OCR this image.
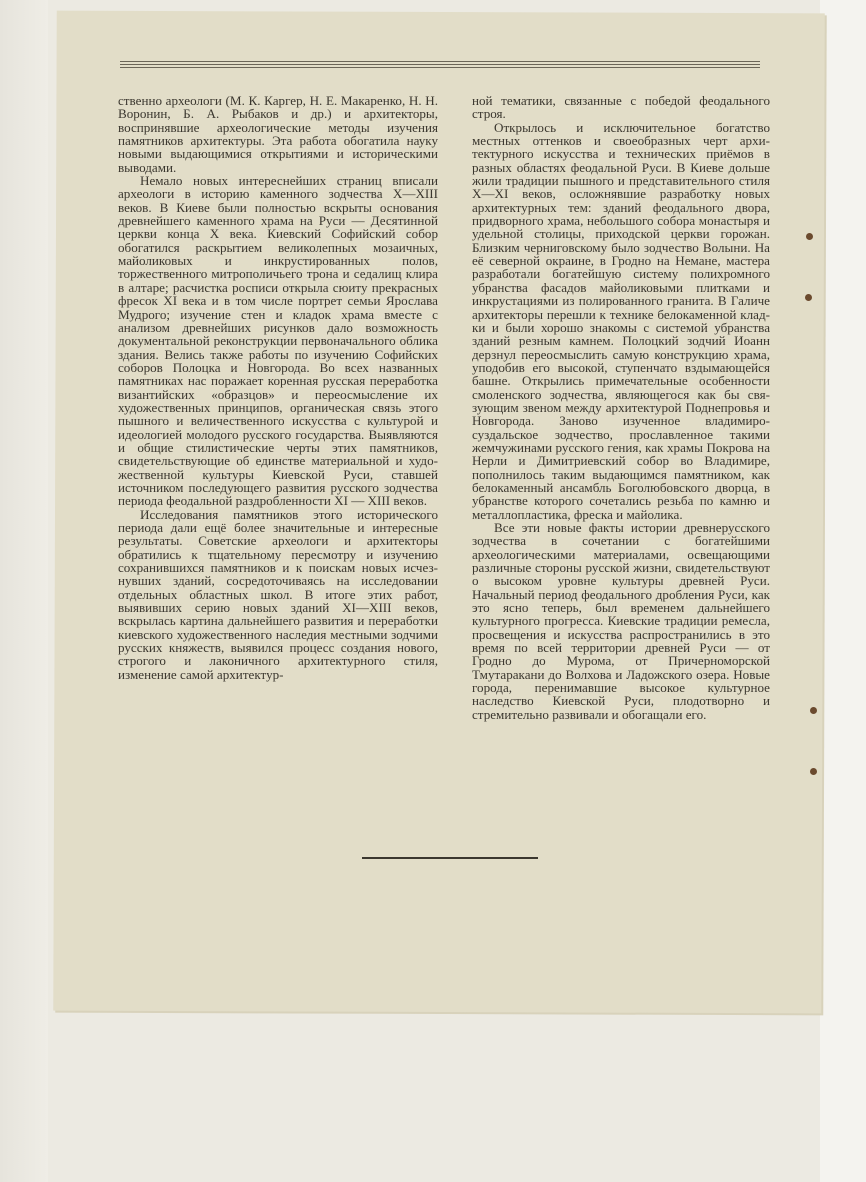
ственно археологи (М. К. Каргер, Н. Е. Макаренко, Н. Н. Воронин, Б. А. Рыбаков и др.) и архитекторы, воспринявшие археологические методы изучения памятников архитектуры. Эта работа обогатила науку новыми выдающимися открытиями и историческими выводами.

Немало новых интереснейших страниц вписали археологи в историю каменного зодчества X—XIII веков. В Киеве были полностью вскрыты основания древнейшего каменного храма на Руси — Десятинной церкви конца X века. Киевский Софийский собор обогатился раскрытием великолепных мозаичных, майоликовых и инкрустированных полов, торжественного митрополичьего трона и седалищ клира в алтаре; расчистка росписи открыла сюиту прекрасных фресок XI века и в том числе портрет семьи Ярослава Мудрого; изучение стен и кладок храма вместе с анализом древнейших рисунков дало возможность документальной реконструкции первоначального облика здания. Велись также работы по изучению Софийских соборов Полоцка и Новгорода. Во всех названных памятниках нас поражает коренная русская переработка византийских «образцов» и переосмысление их художественных принципов, органическая связь этого пышного и величественного искусства с культурой и идеологией молодого русского государства. Выявляются и общие стилистические черты этих памятников, свидетельствующие об единстве материальной и художественной культуры Киевской Руси, ставшей источником последующего развития русского зодчества периода феодальной раздробленности XI — XIII веков.

Исследования памятников этого исторического периода дали ещё более значительные и интересные результаты. Советские археологи и архитекторы обратились к тщательному пересмотру и изучению сохранившихся памятников и к поискам новых исчезнувших зданий, сосредоточиваясь на исследовании отдельных областных школ. В итоге этих работ, выявивших серию новых зданий XI—XIII веков, вскрылась картина дальнейшего развития и переработки киевского художественного наследия местными зодчими русских княжеств, выявился процесс создания нового, строгого и лаконичного архитектурного стиля, изменение самой архитектур-

ной тематики, связанные с победой феодального строя.

Открылось и исключительное богатство местных оттенков и своеобразных черт архитектурного искусства и технических приёмов в разных областях феодальной Руси. В Киеве дольше жили традиции пышного и представительного стиля X—XI веков, осложнявшие разработку новых архитектурных тем: зданий феодального двора, придворного храма, небольшого собора монастыря и удельной столицы, приходской церкви горожан. Близким черниговскому было зодчество Волыни. На её северной окраине, в Гродно на Немане, мастера разработали богатейшую систему полихромного убранства фасадов майоликовыми плитками и инкрустациями из полированного гранита. В Галиче архитекторы перешли к технике белокаменной кладки и были хорошо знакомы с системой убранства зданий резным камнем. Полоцкий зодчий Иоанн дерзнул переосмыслить самую конструкцию храма, уподобив его высокой, ступенчато вздымающейся башне. Открылись примечательные особенности смоленского зодчества, являющегося как бы связующим звеном между архитектурой Поднепровья и Новгорода. Заново изученное владимиро-суздальское зодчество, прославленное такими жемчужинами русского гения, как храмы Покрова на Нерли и Димитриевский собор во Владимире, пополнилось таким выдающимся памятником, как белокаменный ансамбль Боголюбовского дворца, в убранстве которого сочетались резьба по камню и металлопластика, фреска и майолика.

Все эти новые факты истории древнерусского зодчества в сочетании с богатейшими археологическими материалами, освещающими различные стороны русской жизни, свидетельствуют о высоком уровне культуры древней Руси. Начальный период феодального дробления Руси, как это ясно теперь, был временем дальнейшего культурного прогресса. Киевские традиции ремесла, просвещения и искусства распространились в это время по всей территории древней Руси — от Гродно до Мурома, от Причерноморской Тмутаракани до Волхова и Ладожского озера. Новые города, перенимавшие высокое культурное наследство Киевской Руси, плодотворно и стремительно развивали и обогащали его.
